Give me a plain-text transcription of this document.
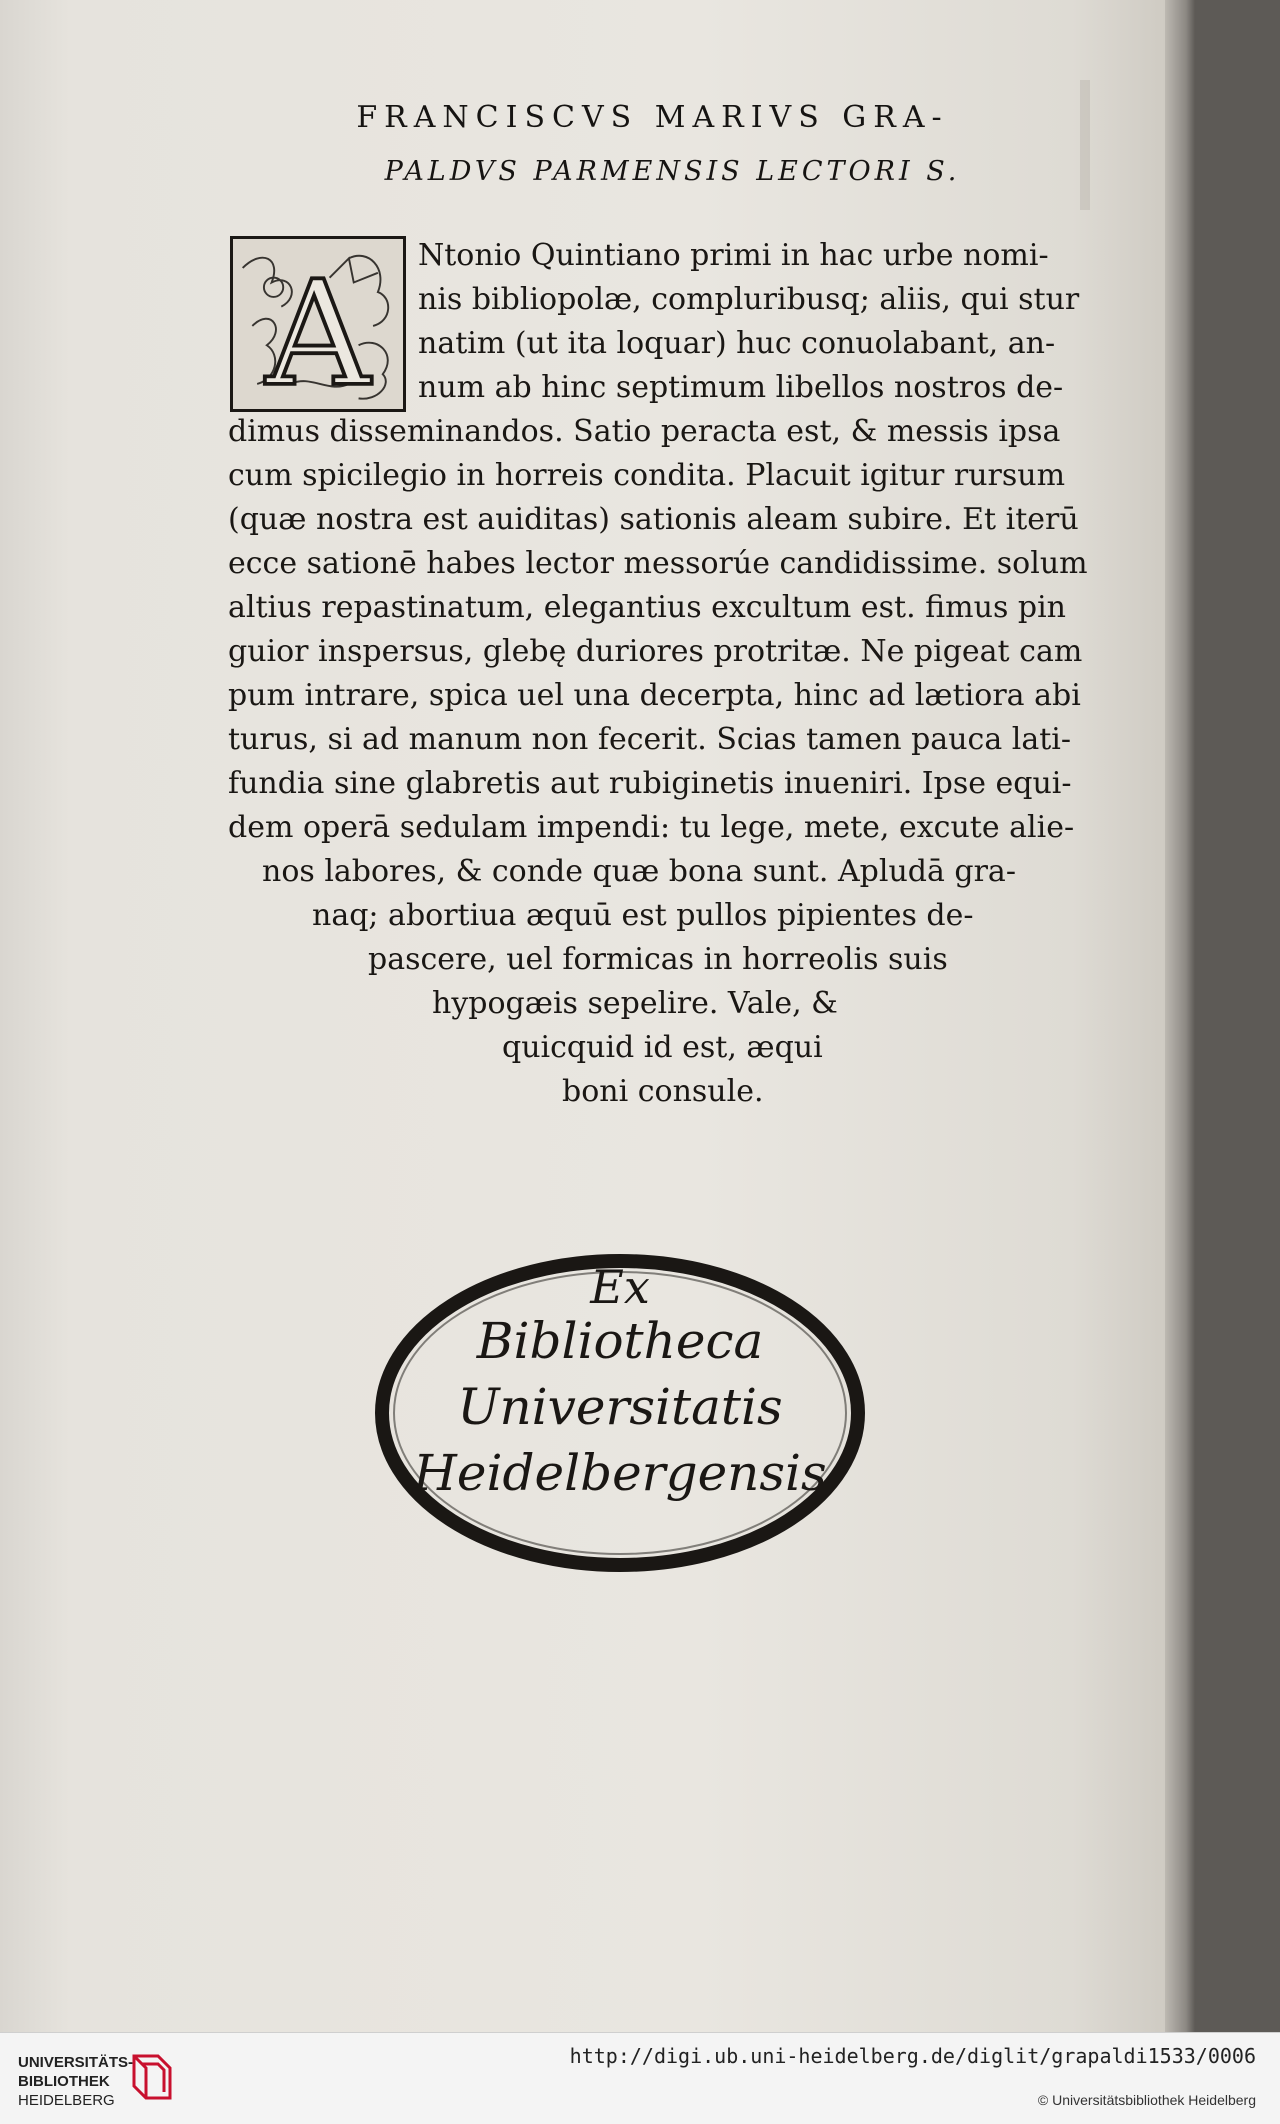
FRANCISCVS MARIVS GRA-
PALDVS PARMENSIS LECTORI S.
A Ntonio Quintiano primi in hac urbe nomi-
nis bibliopolæ, compluribusq; aliis, qui stur
natim (ut ita loquar) huc conuolabant, an-
num ab hinc septimum libellos nostros de-
dimus disseminandos. Satio peracta est, & messis ipsa
cum spicilegio in horreis condita. Placuit igitur rursum
(quæ nostra est auiditas) sationis aleam subire. Et iterū
ecce sationē habes lector messorúe candidissime. solum
altius repastinatum, elegantius excultum est. fimus pin
guior inspersus, glebę duriores protritæ. Ne pigeat cam
pum intrare, spica uel una decerpta, hinc ad lætiora abi
turus, si ad manum non fecerit. Scias tamen pauca lati-
fundia sine glabretis aut rubiginetis inueniri. Ipse equi-
dem operā sedulam impendi: tu lege, mete, excute alie-
nos labores, & conde quæ bona sunt. Apludā gra-
naq; abortiua æquū est pullos pipientes de-
pascere, uel formicas in horreolis suis
hypogæis sepelire. Vale, &
quicquid id est, æqui
boni consule.
Ex
Bibliotheca
Universitatis
Heidelbergensis
UNIVERSITÄTS-
BIBLIOTHEK
HEIDELBERG
http://digi.ub.uni-heidelberg.de/diglit/grapaldi1533/0006
© Universitätsbibliothek Heidelberg
